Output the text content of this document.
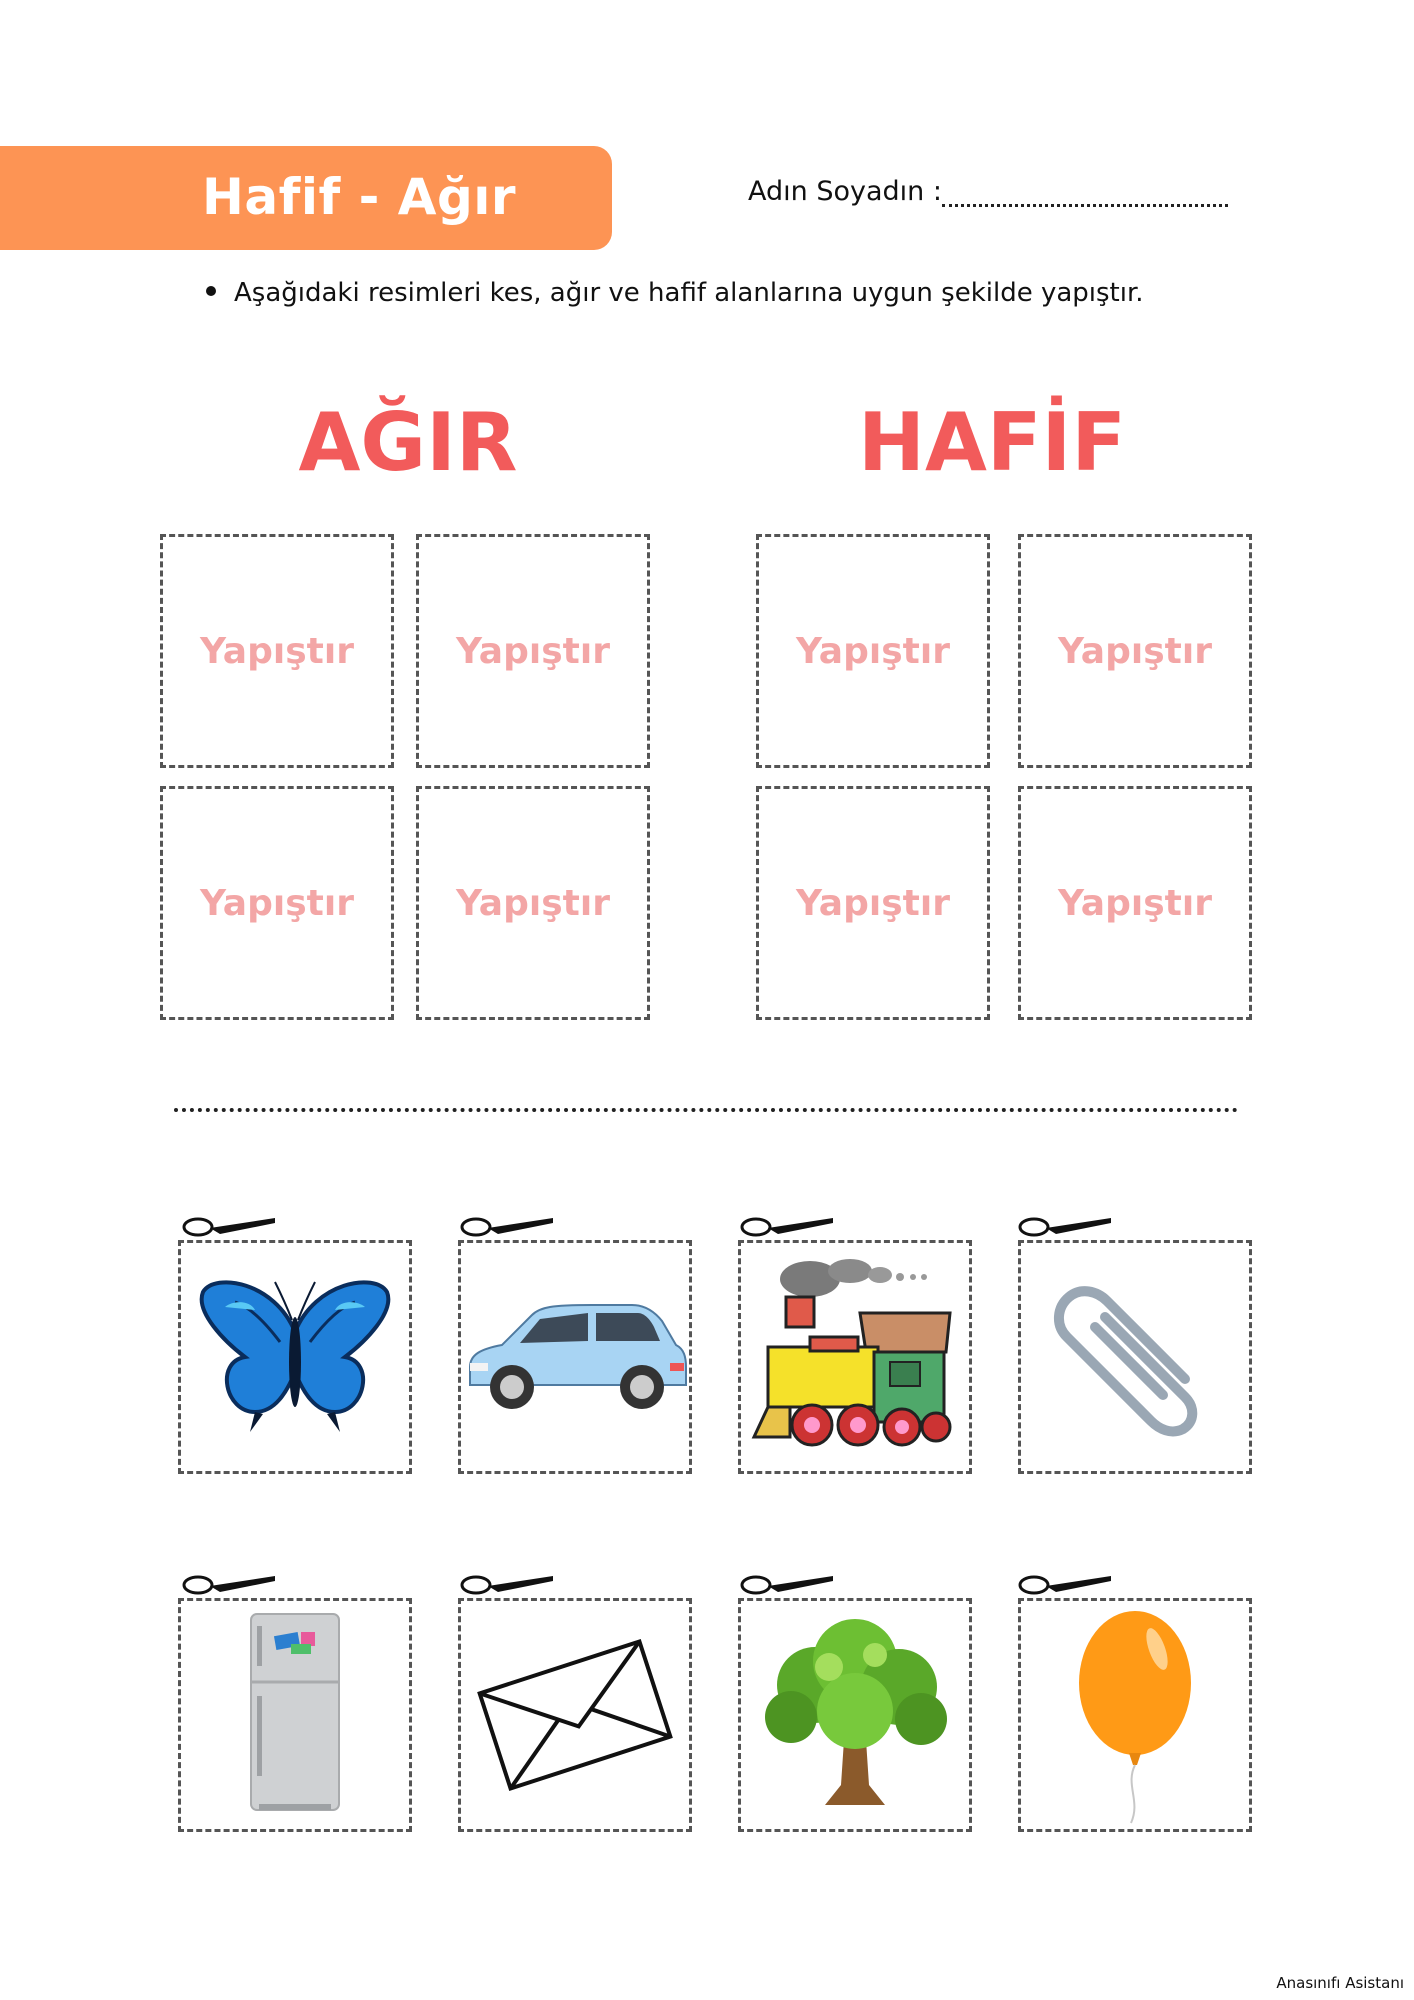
Hafif - Ağır	Adın Soyadın :
Aşağıdaki resimleri kes, ağır ve hafif alanlarına uygun şekilde yapıştır.
AĞIR	HAFİF
Yapıştır	Yapıştır
Yapıştır	Yapıştır
Yapıştır	Yapıştır
Yapıştır	Yapıştır
Anasınıfı Asistanı
